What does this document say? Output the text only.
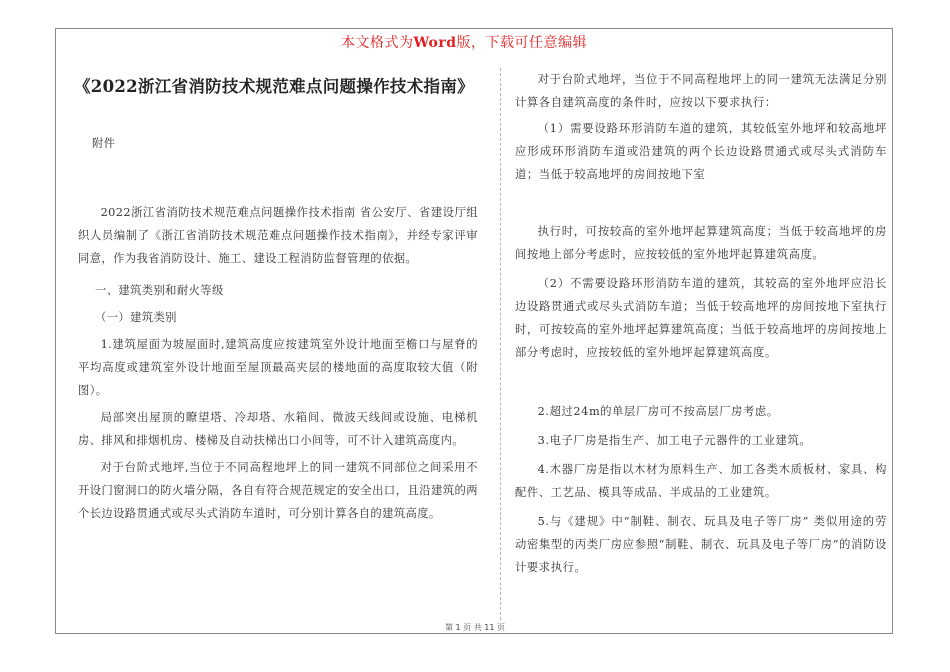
本文格式为Word版，下载可任意编辑
《2022浙江省消防技术规范难点问题操作技术指南》

附件

2022浙江省消防技术规范难点问题操作技术指南 省公安厅、省建设厅组织人员编制了《浙江省消防技术规范难点问题操作技术指南》，并经专家评审同意，作为我省消防设计、施工、建设工程消防监督管理的依据。

一、建筑类别和耐火等级

（一）建筑类别

1.建筑屋面为坡屋面时,建筑高度应按建筑室外设计地面至檐口与屋脊的平均高度或建筑室外设计地面至屋顶最高夹层的楼地面的高度取较大值（附图）。

局部突出屋顶的瞭望塔、冷却塔、水箱间、微波天线间或设施、电梯机房、排风和排烟机房、楼梯及自动扶梯出口小间等，可不计入建筑高度内。

对于台阶式地坪,当位于不同高程地坪上的同一建筑不同部位之间采用不开设门窗洞口的防火墙分隔，各自有符合规范规定的安全出口，且沿建筑的两个长边设路贯通式或尽头式消防车道时，可分别计算各自的建筑高度。

对于台阶式地坪，当位于不同高程地坪上的同一建筑无法满足分别计算各自建筑高度的条件时，应按以下要求执行：

（1）需要设路环形消防车道的建筑，其较低室外地坪和较高地坪应形成环形消防车道或沿建筑的两个长边设路贯通式或尽头式消防车道；当低于较高地坪的房间按地下室

执行时，可按较高的室外地坪起算建筑高度；当低于较高地坪的房间按地上部分考虑时，应按较低的室外地坪起算建筑高度。

（2）不需要设路环形消防车道的建筑，其较高的室外地坪应沿长边设路贯通式或尽头式消防车道；当低于较高地坪的房间按地下室执行时，可按较高的室外地坪起算建筑高度；当低于较高地坪的房间按地上部分考虑时，应按较低的室外地坪起算建筑高度。

2.超过24m的单层厂房可不按高层厂房考虑。

3.电子厂房是指生产、加工电子元器件的工业建筑。

4.木器厂房是指以木材为原料生产、加工各类木质板材、家具、构配件、工艺品、模具等成品、半成品的工业建筑。

5.与《建规》中“制鞋、制衣、玩具及电子等厂房” 类似用途的劳动密集型的丙类厂房应参照“制鞋、制衣、玩具及电子等厂房”的消防设计要求执行。

第 1 页 共 11 页
